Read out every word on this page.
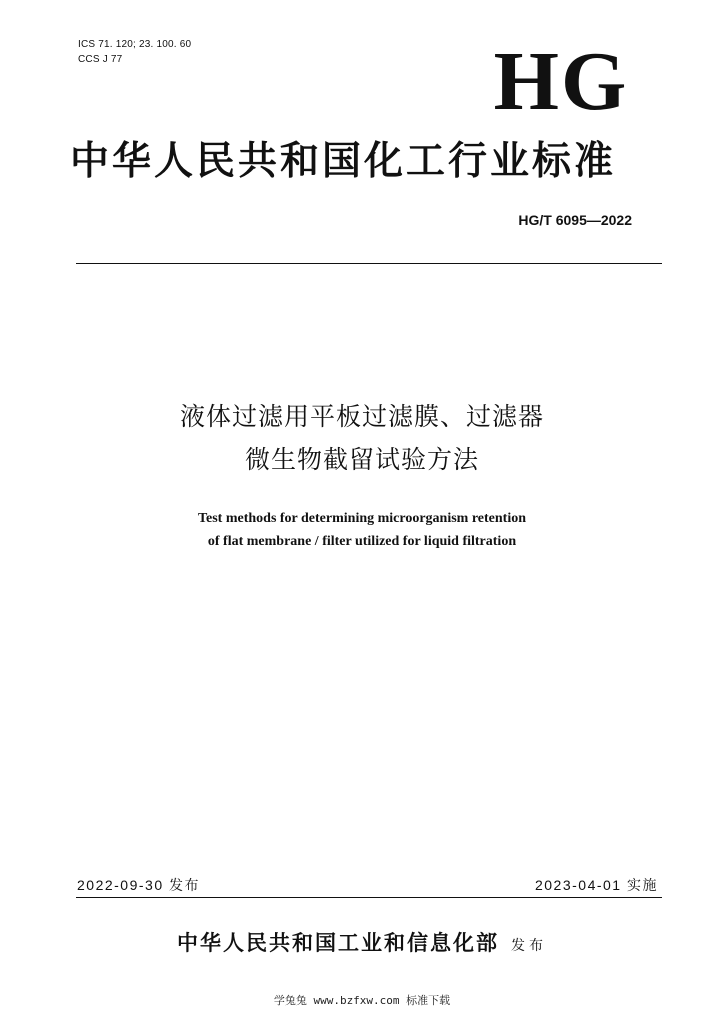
ICS 71. 120; 23. 100. 60
CCS J 77	HG
中华人民共和国化工行业标准
HG/T 6095—2022
液体过滤用平板过滤膜、过滤器
微生物截留试验方法
Test methods for determining microorganism retention
of flat membrane / filter utilized for liquid filtration
2022-09-30 发布	2023-04-01 实施
中华人民共和国工业和信息化部 发布
学兔兔 www.bzfxw.com 标准下载
